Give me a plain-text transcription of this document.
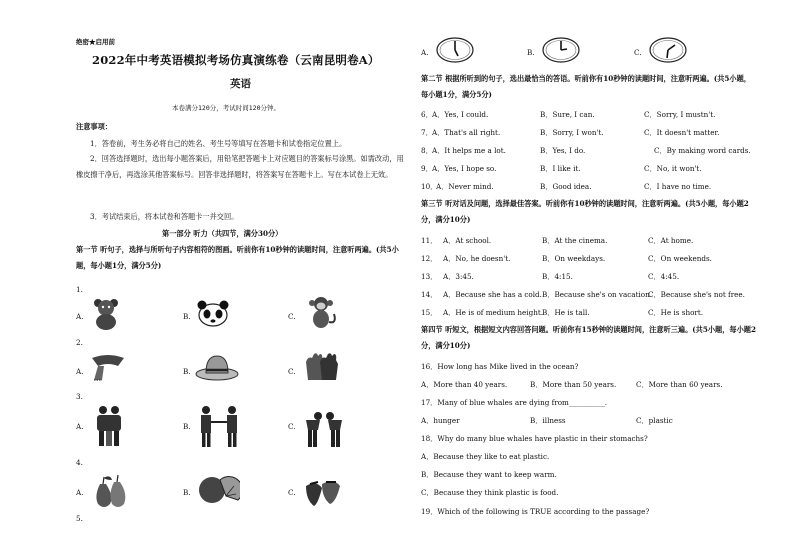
绝密★启用前
2022年中考英语模拟考场仿真演练卷（云南昆明卷A）
英语
本卷满分120分，考试时间120分钟。
注意事项：
1．答卷前，考生务必将自己的姓名、考生号等填写在答题卡和试卷指定位置上。
2．回答选择题时，选出每小题答案后，用铅笔把答题卡上对应题目的答案标号涂黑。如需改动，用橡皮擦干净后，再选涂其他答案标号。回答非选择题时，将答案写在答题卡上。写在本试卷上无效。
3．考试结束后，将本试卷和答题卡一并交回。
第一部分 听力（共四节，满分30分）
第一节 听句子，选择与所听句子内容相符的图画。听前你有10秒钟的读题时间，注意听两遍。(共5小题，每小题1分，满分5分)
1.
A.	B.	C.
2.
A.	B.	C.
3.
A.	B.	C.
4.
A.	B.	C.
5.
A.	B.	C.
第二节 根据所听到的句子，选出最恰当的答语。听前你有10秒钟的读题时间，注意听两遍。(共5小题，每小题1分，满分5分)
6． A．Yes, I could.	B．Sure, I can.	C．Sorry, I mustn't.
7． A．That's all right.	B．Sorry, I won't.	C．It doesn't matter.
8． A．It helps me a lot.	B．Yes, I do.	C．By making word cards.
9． A．Yes, I hope so.	B．I like it.	C．No, it won't.
10．
A．Never mind.	B．Good idea.	C．I have no time.
第三节 听对话及问题，选择最佳答案。听前你有10秒钟的读题时间，注意听两遍。(共5小题，每小题2分，满分10分)
11． A．At school.	B．At the cinema.	C．At home.
12． A．No, he doesn't.	B．On weekdays.	C．On weekends.
13． A．3:45.	B．4:15.	C．4:45.
14． A．Because she has a cold. B．Because she's on vacation.
C．Because she's not free.
15． A．He is of medium height.
B．He is tall.	C．He is short.
第四节 听短文，根据短文内容回答问题。听前你有15秒钟的读题时间，注意听三遍。(共5小题，每小题2分，满分10分)
16．How long has Mike lived in the ocean?
A．More than 40 years.	B．More than 50 years.	C．More than 60 years.
17．Many of blue whales are dying from__________.
A．hunger	B．illness	C．plastic
18．Why do many blue whales have plastic in their stomachs?
A．Because they like to eat plastic.
B．Because they want to keep warm.
C．Because they think plastic is food.
19．Which of the following is TRUE according to the passage?
